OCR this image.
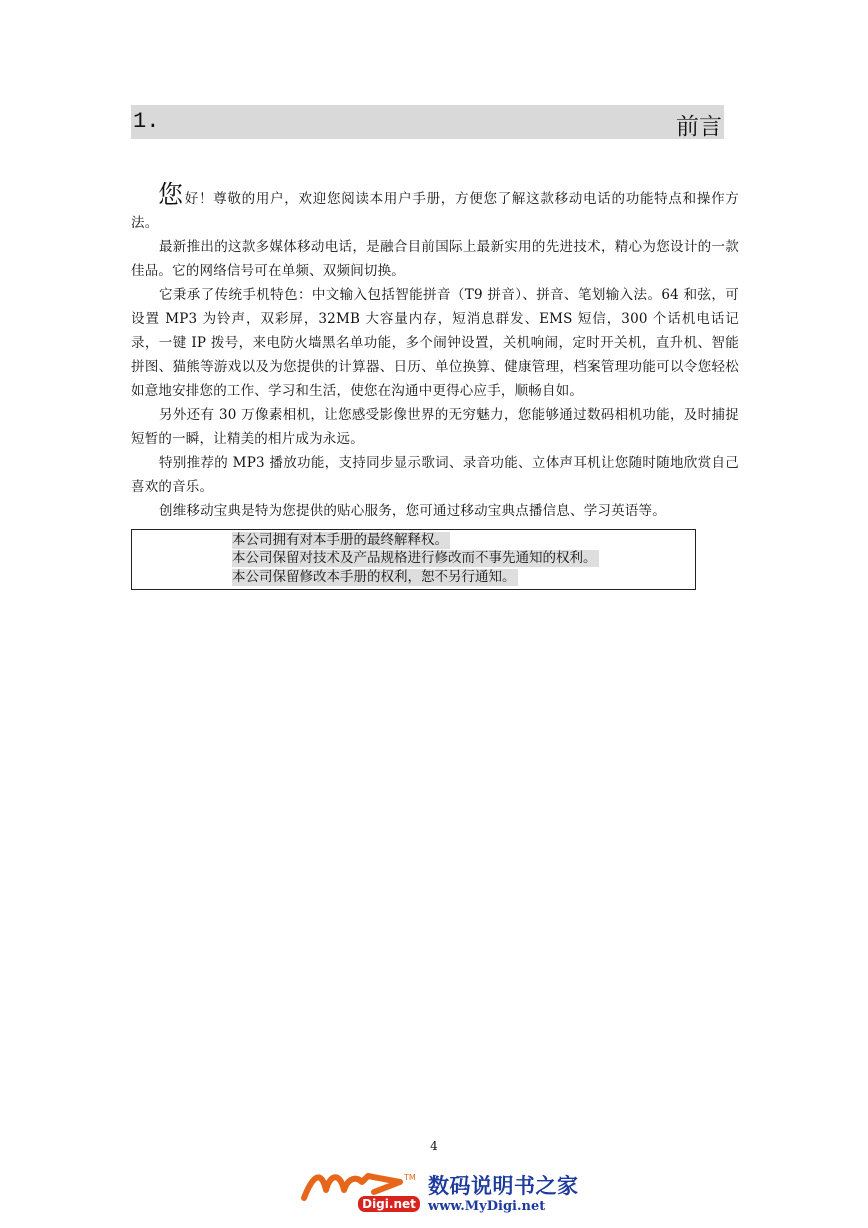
1.	前言

您好！尊敬的用户，欢迎您阅读本用户手册，方便您了解这款移动电话的功能特点和操作方法。

最新推出的这款多媒体移动电话，是融合目前国际上最新实用的先进技术，精心为您设计的一款佳品。它的网络信号可在单频、双频间切换。

它秉承了传统手机特色：中文输入包括智能拼音（T9 拼音）、拼音、笔划输入法。64 和弦，可设置 MP3 为铃声，双彩屏，32MB 大容量内存，短消息群发、EMS 短信，300 个话机电话记录，一键 IP 拨号，来电防火墙黑名单功能，多个闹钟设置，关机响闹，定时开关机，直升机、智能拼图、猫熊等游戏以及为您提供的计算器、日历、单位换算、健康管理，档案管理功能可以令您轻松如意地安排您的工作、学习和生活，使您在沟通中更得心应手，顺畅自如。

另外还有 30 万像素相机，让您感受影像世界的无穷魅力，您能够通过数码相机功能，及时捕捉短暂的一瞬，让精美的相片成为永远。

特别推荐的 MP3 播放功能，支持同步显示歌词、录音功能、立体声耳机让您随时随地欣赏自己喜欢的音乐。

创维移动宝典是特为您提供的贴心服务，您可通过移动宝典点播信息、学习英语等。

本公司拥有对本手册的最终解释权。
本公司保留对技术及产品规格进行修改而不事先通知的权利。
本公司保留修改本手册的权利，恕不另行通知。
4
TM
Digi.net
数码说明书之家
www.MyDigi.net
